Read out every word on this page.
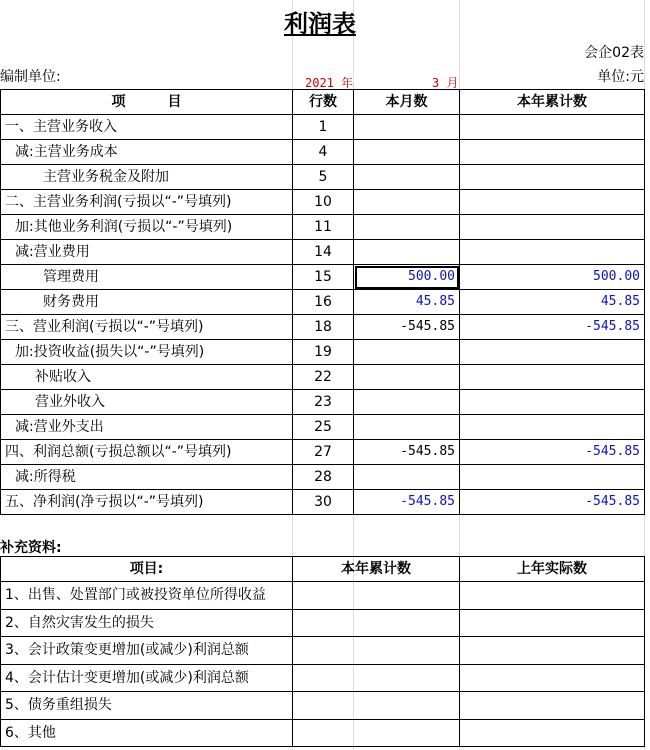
利润表
会企02表
编制单位:	2021 年	3 月	单位:元
项　　　目	行数	本月数	本年累计数
一、主营业务收入	1		
减:主营业务成本	4		
主营业务税金及附加	5		
二、主营业务利润(亏损以“-”号填列)	10		
加:其他业务利润(亏损以“-”号填列)	11		
减:营业费用	14		
管理费用	15	500.00	500.00
财务费用	16	45.85	45.85
三、营业利润(亏损以“-”号填列)	18	-545.85	-545.85
加:投资收益(损失以“-”号填列)	19		
补贴收入	22		
营业外收入	23		
减:营业外支出	25		
四、利润总额(亏损总额以“-”号填列)	27	-545.85	-545.85
减:所得税	28		
五、净利润(净亏损以“-”号填列)	30	-545.85	-545.85
补充资料:
项目:	本年累计数	上年实际数
1、出售、处置部门或被投资单位所得收益		
2、自然灾害发生的损失		
3、会计政策变更增加(或减少)利润总额		
4、会计估计变更增加(或减少)利润总额		
5、债务重组损失		
6、其他		
